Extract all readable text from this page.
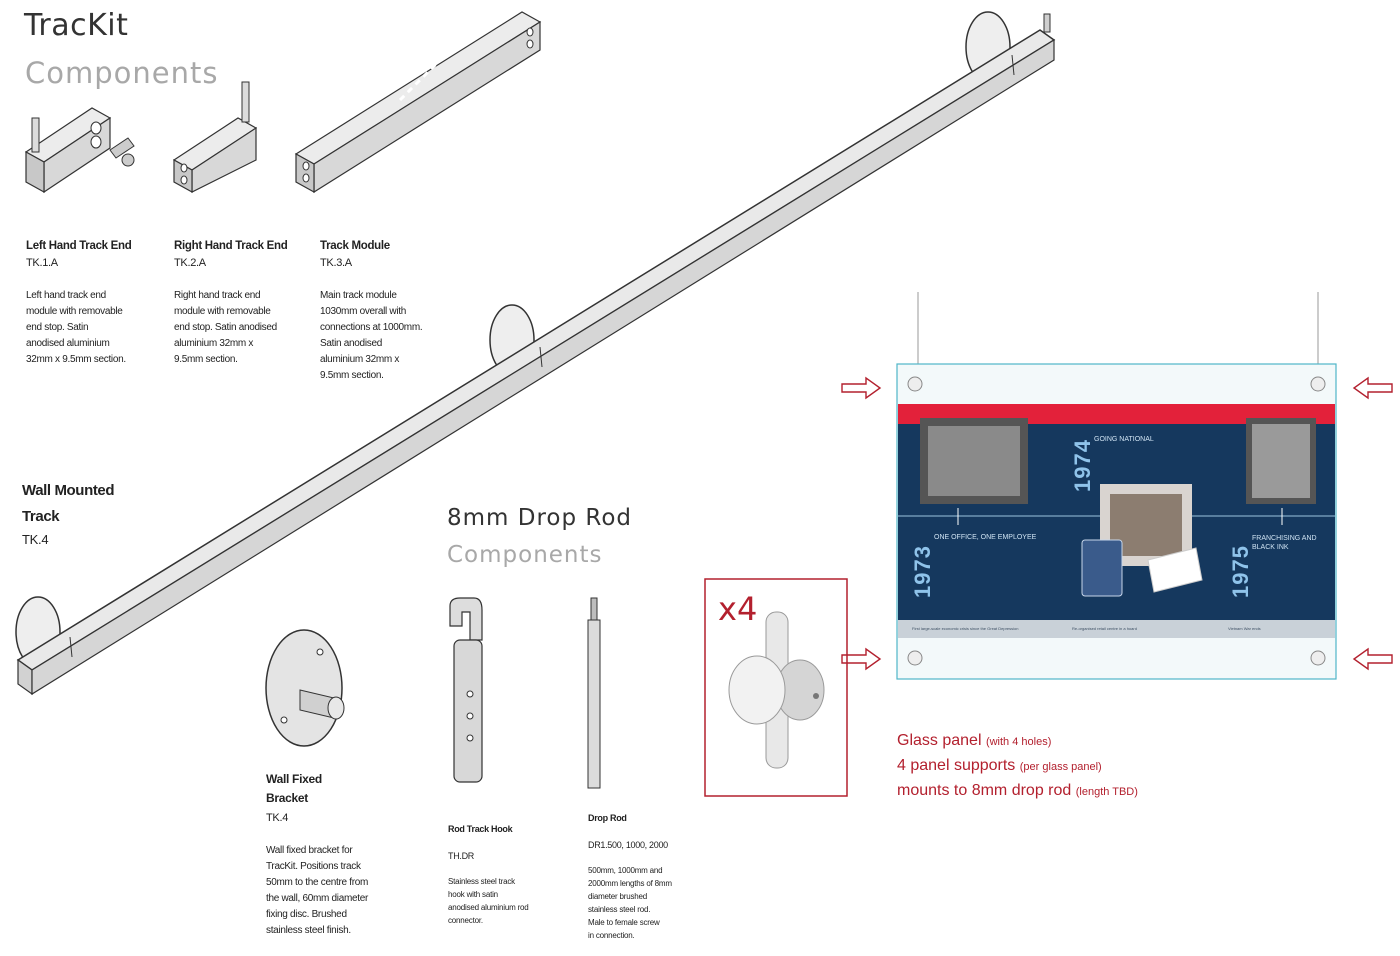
1974
1973	1975
GOING NATIONAL
ONE OFFICE, ONE EMPLOYEE	FRANCHISING AND BLACK INK
First large-scale economic crisis since the Great Depression	Re-organised retail centre in a hoard	Vietnam War ends
TracKit
Components
Left Hand Track End
TK.1.A
Left hand track end
module with removable
end stop. Satin
anodised aluminium
32mm x 9.5mm section.
Right Hand Track End
TK.2.A
Right hand track end
module with removable
end stop. Satin anodised
aluminium 32mm x
9.5mm section.
Track Module
TK.3.A
Main track module
1030mm overall with
connections at 1000mm.
Satin anodised
aluminium 32mm x
9.5mm section.
Wall Mounted
Track
TK.4
Wall Fixed
Bracket
TK.4
Wall fixed bracket for
TracKit. Positions track
50mm to the centre from
the wall, 60mm diameter
fixing disc. Brushed
stainless steel finish.
8mm Drop Rod
Components
Rod Track Hook
TH.DR
Stainless steel track
hook with satin
anodised aluminium rod
connector.
Drop Rod
DR1.500, 1000, 2000
500mm, 1000mm and
2000mm lengths of 8mm
diameter brushed
stainless steel rod.
Male to female screw
in connection.
x4
Glass panel (with 4 holes)
4 panel supports (per glass panel)
mounts to 8mm drop rod (length TBD)
